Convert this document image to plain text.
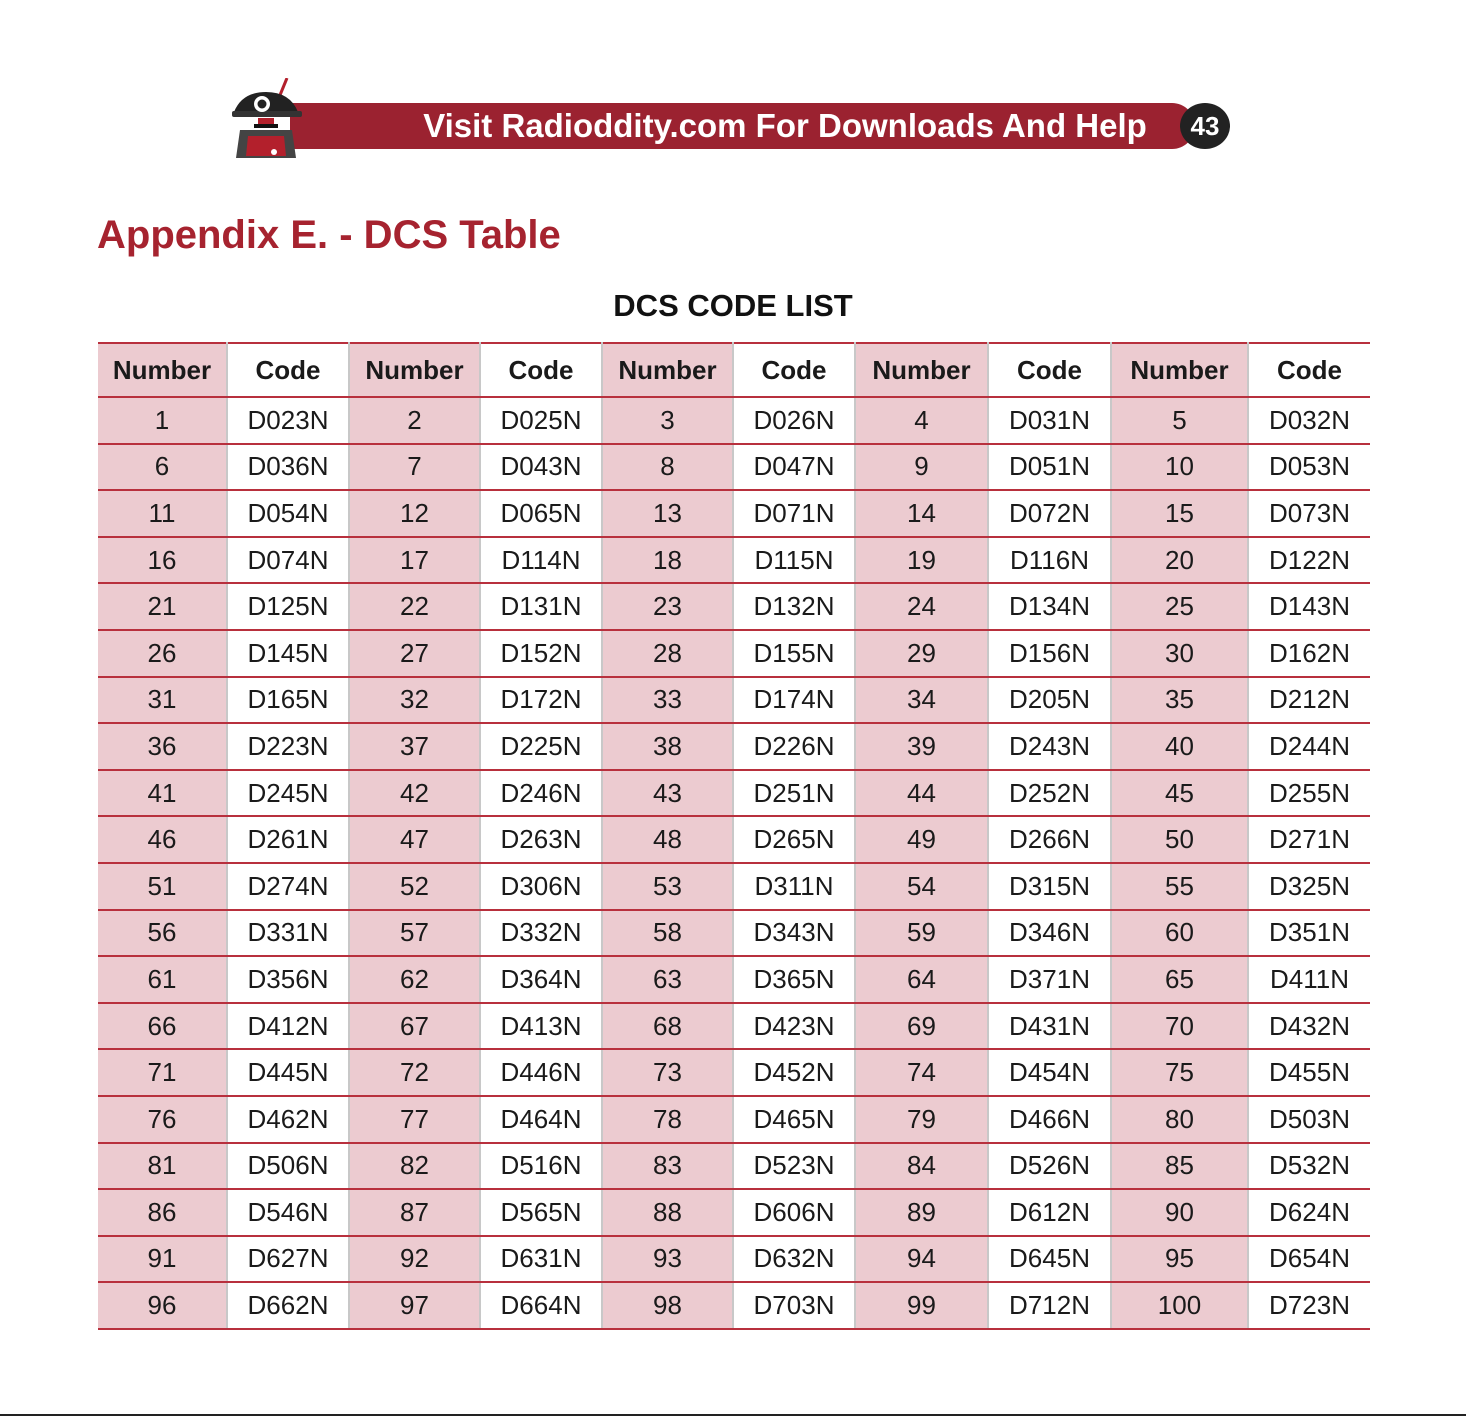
Visit Radioddity.com For Downloads And Help	43
Appendix E. - DCS Table
DCS CODE LIST
Number	Code	Number	Code	Number	Code	Number	Code	Number	Code
1	D023N	2	D025N	3	D026N	4	D031N	5	D032N
6	D036N	7	D043N	8	D047N	9	D051N	10	D053N
11	D054N	12	D065N	13	D071N	14	D072N	15	D073N
16	D074N	17	D114N	18	D115N	19	D116N	20	D122N
21	D125N	22	D131N	23	D132N	24	D134N	25	D143N
26	D145N	27	D152N	28	D155N	29	D156N	30	D162N
31	D165N	32	D172N	33	D174N	34	D205N	35	D212N
36	D223N	37	D225N	38	D226N	39	D243N	40	D244N
41	D245N	42	D246N	43	D251N	44	D252N	45	D255N
46	D261N	47	D263N	48	D265N	49	D266N	50	D271N
51	D274N	52	D306N	53	D311N	54	D315N	55	D325N
56	D331N	57	D332N	58	D343N	59	D346N	60	D351N
61	D356N	62	D364N	63	D365N	64	D371N	65	D411N
66	D412N	67	D413N	68	D423N	69	D431N	70	D432N
71	D445N	72	D446N	73	D452N	74	D454N	75	D455N
76	D462N	77	D464N	78	D465N	79	D466N	80	D503N
81	D506N	82	D516N	83	D523N	84	D526N	85	D532N
86	D546N	87	D565N	88	D606N	89	D612N	90	D624N
91	D627N	92	D631N	93	D632N	94	D645N	95	D654N
96	D662N	97	D664N	98	D703N	99	D712N	100	D723N
